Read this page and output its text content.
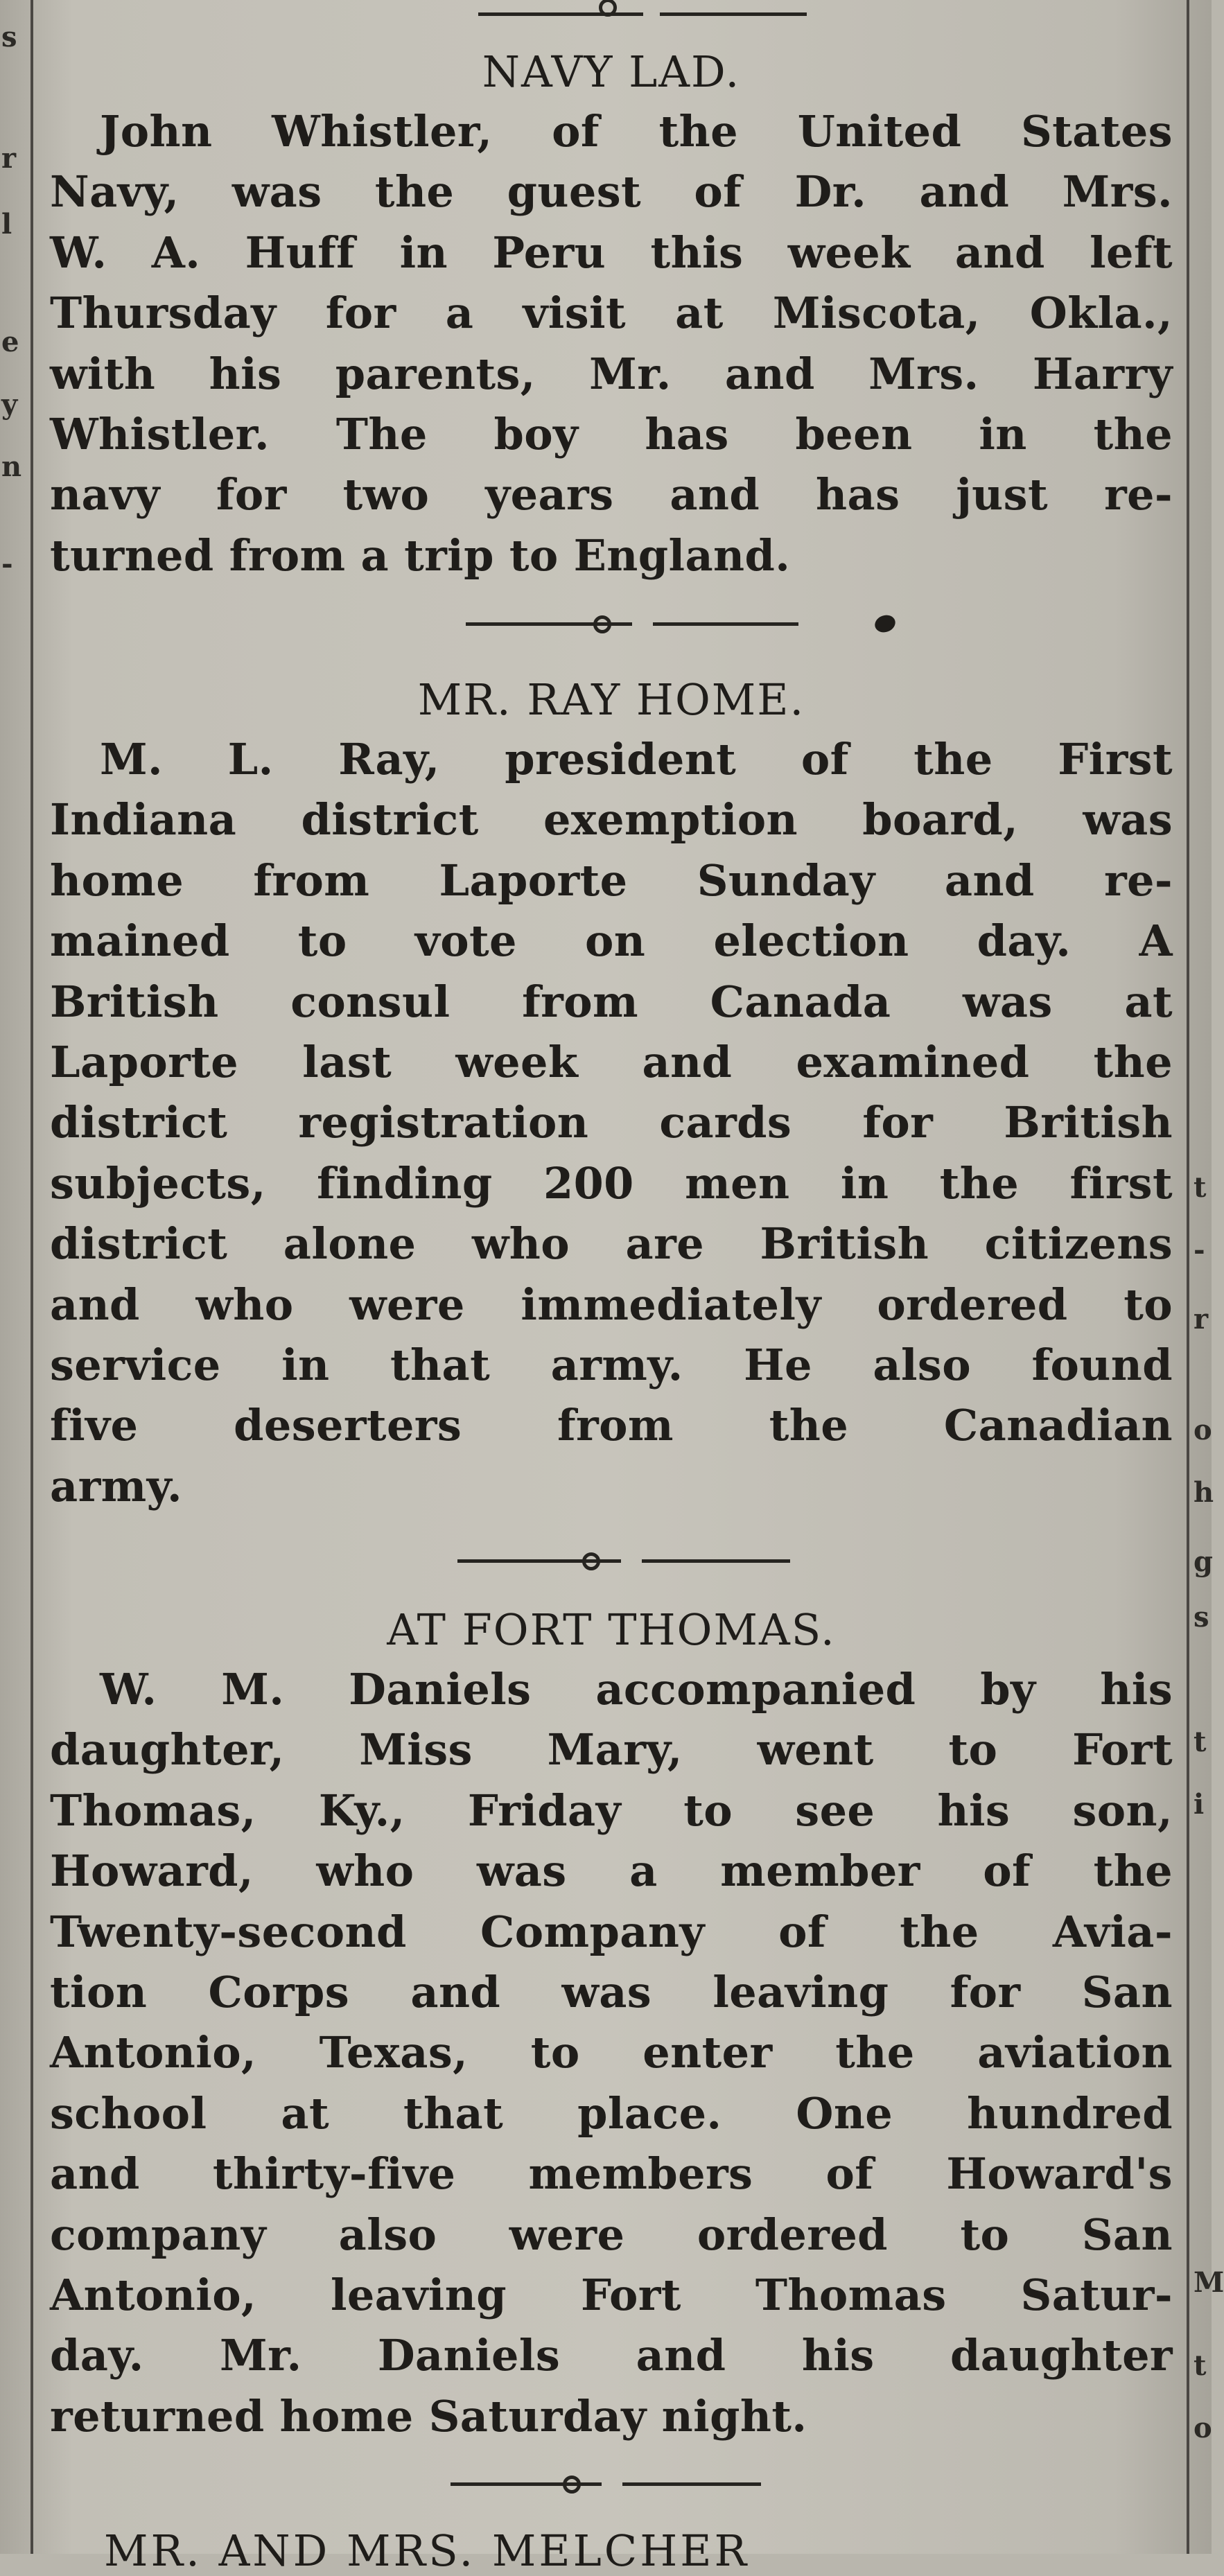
s
r
l
e
y
n
-
t
-
r
o
h
g
s
t
i
M
t
o
NAVY LAD.
John Whistler, of the United States
Navy, was the guest of Dr. and Mrs.
W. A. Huff in Peru this week and left
Thursday for a visit at Miscota, Okla.,
with his parents, Mr. and Mrs. Harry
Whistler. The boy has been in the
navy for two years and has just re-
turned from a trip to England.
MR. RAY HOME.
M. L. Ray, president of the First
Indiana district exemption board, was
home from Laporte Sunday and re-
mained to vote on election day. A
British consul from Canada was at
Laporte last week and examined the
district registration cards for British
subjects, finding 200 men in the first
district alone who are British citizens
and who were immediately ordered to
service in that army. He also found
five deserters from the Canadian
army.
AT FORT THOMAS.
W. M. Daniels accompanied by his
daughter, Miss Mary, went to Fort
Thomas, Ky., Friday to see his son,
Howard, who was a member of the
Twenty-second Company of the Avia-
tion Corps and was leaving for San
Antonio, Texas, to enter the aviation
school at that place. One hundred
and thirty-five members of Howard's
company also were ordered to San
Antonio, leaving Fort Thomas Satur-
day. Mr. Daniels and his daughter
returned home Saturday night.
MR. AND MRS. MELCHER
